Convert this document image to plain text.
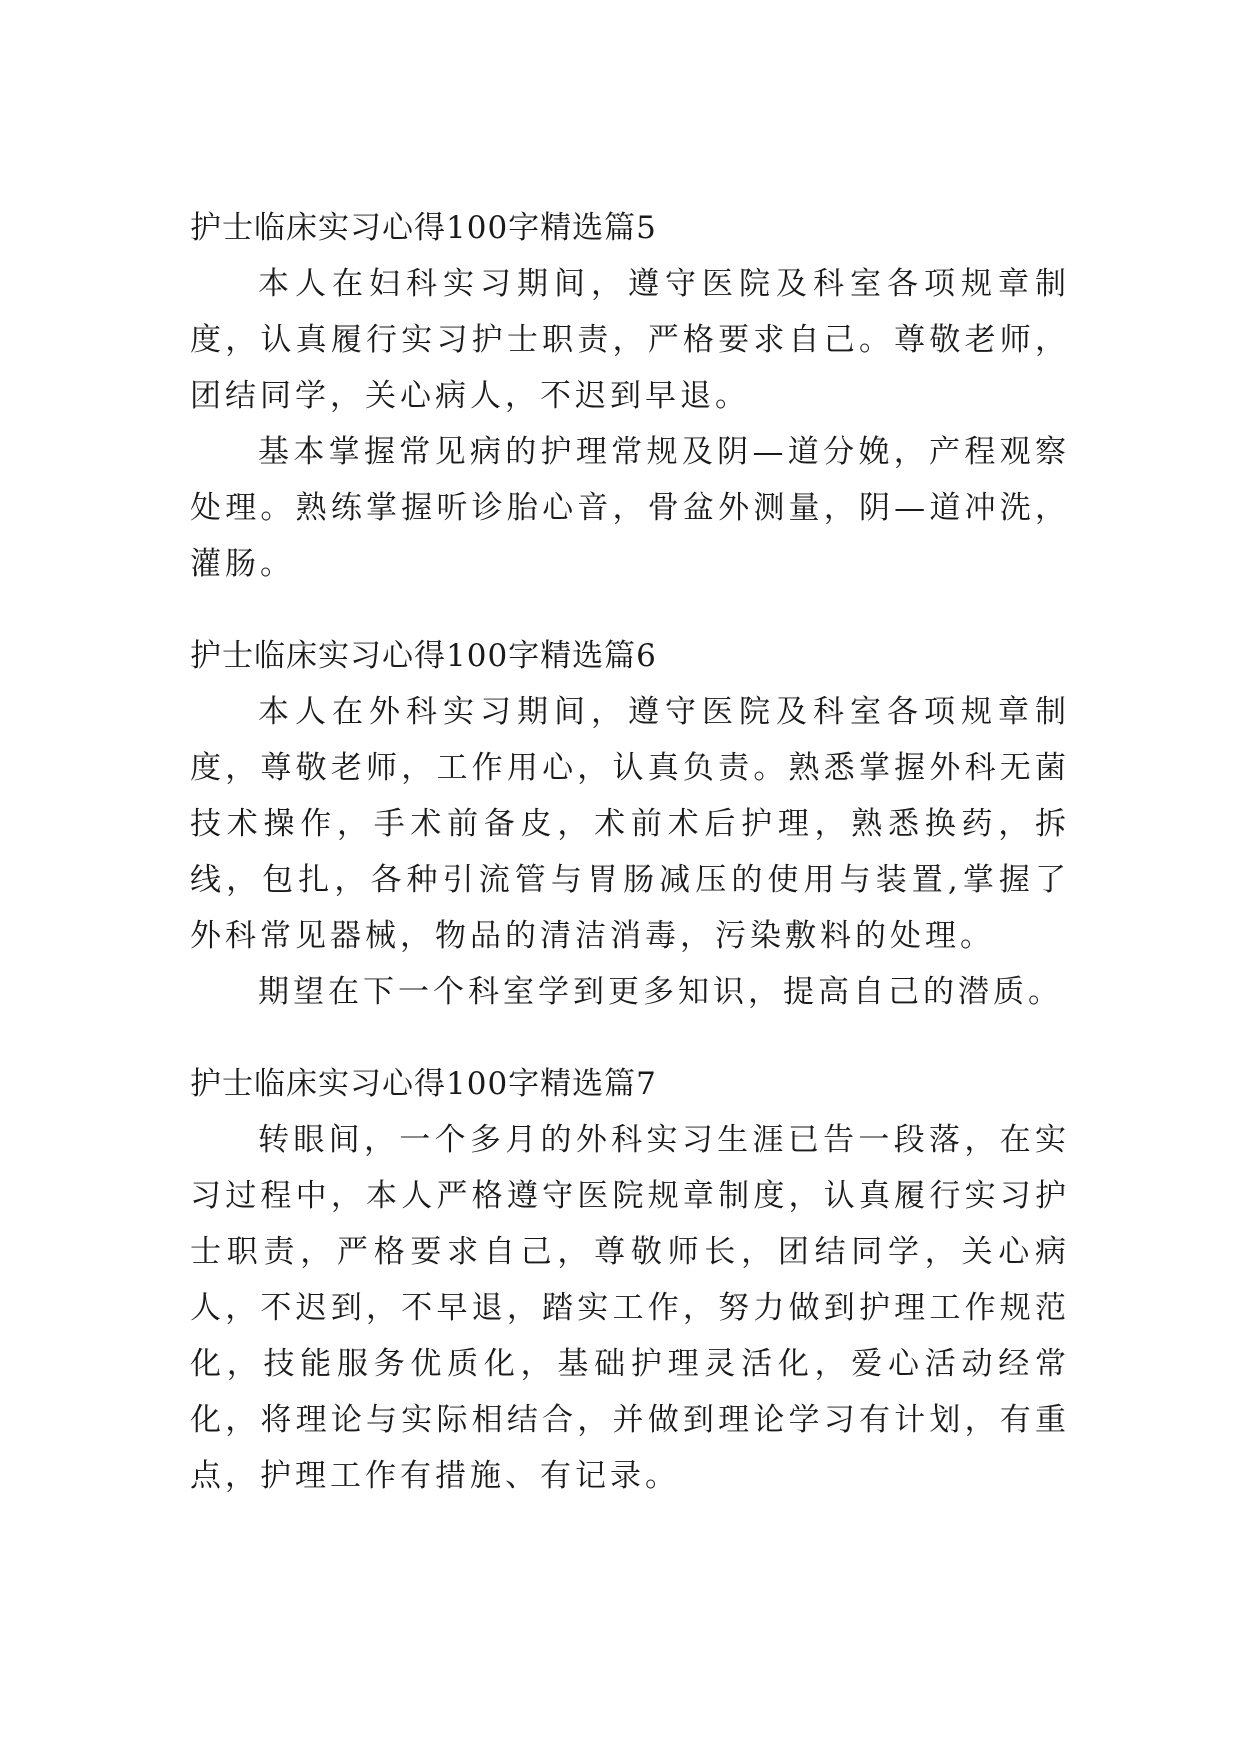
护士临床实习心得100字精选篇5

本人在妇科实习期间，遵守医院及科室各项规章制度，认真履行实习护士职责，严格要求自己。尊敬老师，团结同学，关心病人，不迟到早退。

基本掌握常见病的护理常规及阴—道分娩，产程观察处理。熟练掌握听诊胎心音，骨盆外测量，阴—道冲洗，灌肠。

护士临床实习心得100字精选篇6

本人在外科实习期间，遵守医院及科室各项规章制度，尊敬老师，工作用心，认真负责。熟悉掌握外科无菌技术操作，手术前备皮，术前术后护理，熟悉换药，拆线，包扎，各种引流管与胃肠减压的使用与装置,掌握了外科常见器械，物品的清洁消毒，污染敷料的处理。

期望在下一个科室学到更多知识，提高自己的潜质。

护士临床实习心得100字精选篇7

转眼间，一个多月的外科实习生涯已告一段落，在实习过程中，本人严格遵守医院规章制度，认真履行实习护士职责，严格要求自己，尊敬师长，团结同学，关心病人，不迟到，不早退，踏实工作，努力做到护理工作规范化，技能服务优质化，基础护理灵活化，爱心活动经常化，将理论与实际相结合，并做到理论学习有计划，有重点，护理工作有措施、有记录。
